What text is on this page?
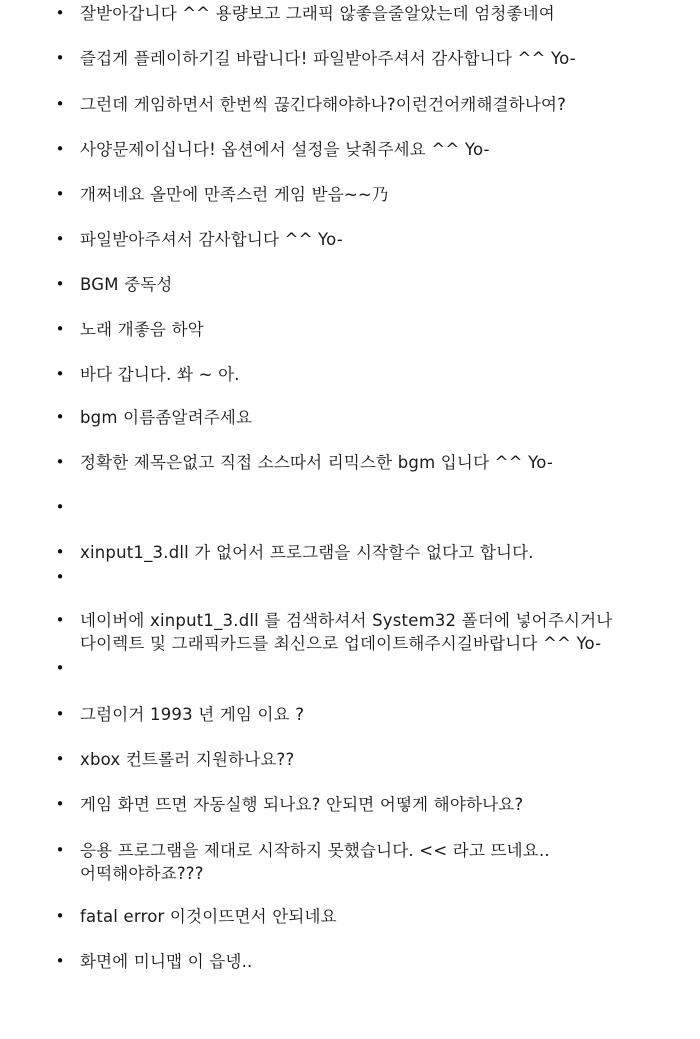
• 잘받아갑니다 ^^ 용량보고 그래픽 않좋을줄알았는데 엄청좋네여
• 즐겁게 플레이하기길 바랍니다! 파일받아주셔서 감사합니다 ^^ Yo-
• 그런데 게임하면서 한번씩 끊긴다해야하나?이런건어캐해결하나여?
• 사양문제이십니다! 옵션에서 설정을 낮춰주세요 ^^ Yo-
• 개쩌네요 올만에 만족스런 게임 받음~~乃
• 파일받아주셔서 감사합니다 ^^ Yo-
• BGM 중독성
• 노래 개좋음 하악
• 바다 갑니다. 쏴 ~ 아.
• bgm 이름좀알려주세요
• 정확한 제목은없고 직접 소스따서 리믹스한 bgm 입니다 ^^ Yo-
•
• xinput1_3.dll 가 없어서 프로그램을 시작할수 없다고 합니다.
•
• 네이버에 xinput1_3.dll 를 검색하셔서 System32 폴더에 넣어주시거나
다이렉트 및 그래픽카드를 최신으로 업데이트해주시길바랍니다 ^^ Yo-
•
• 그럼이거 1993 년 게임 이요 ?
• xbox 컨트롤러 지원하나요??
• 게임 화면 뜨면 자동실행 되나요? 안되면 어떻게 해야하나요?
• 응용 프로그램을 제대로 시작하지 못했습니다. << 라고 뜨네요..
어떡해야하죠???
• fatal error 이것이뜨면서 안되네요
• 화면에 미니맵 이 읍넹..
